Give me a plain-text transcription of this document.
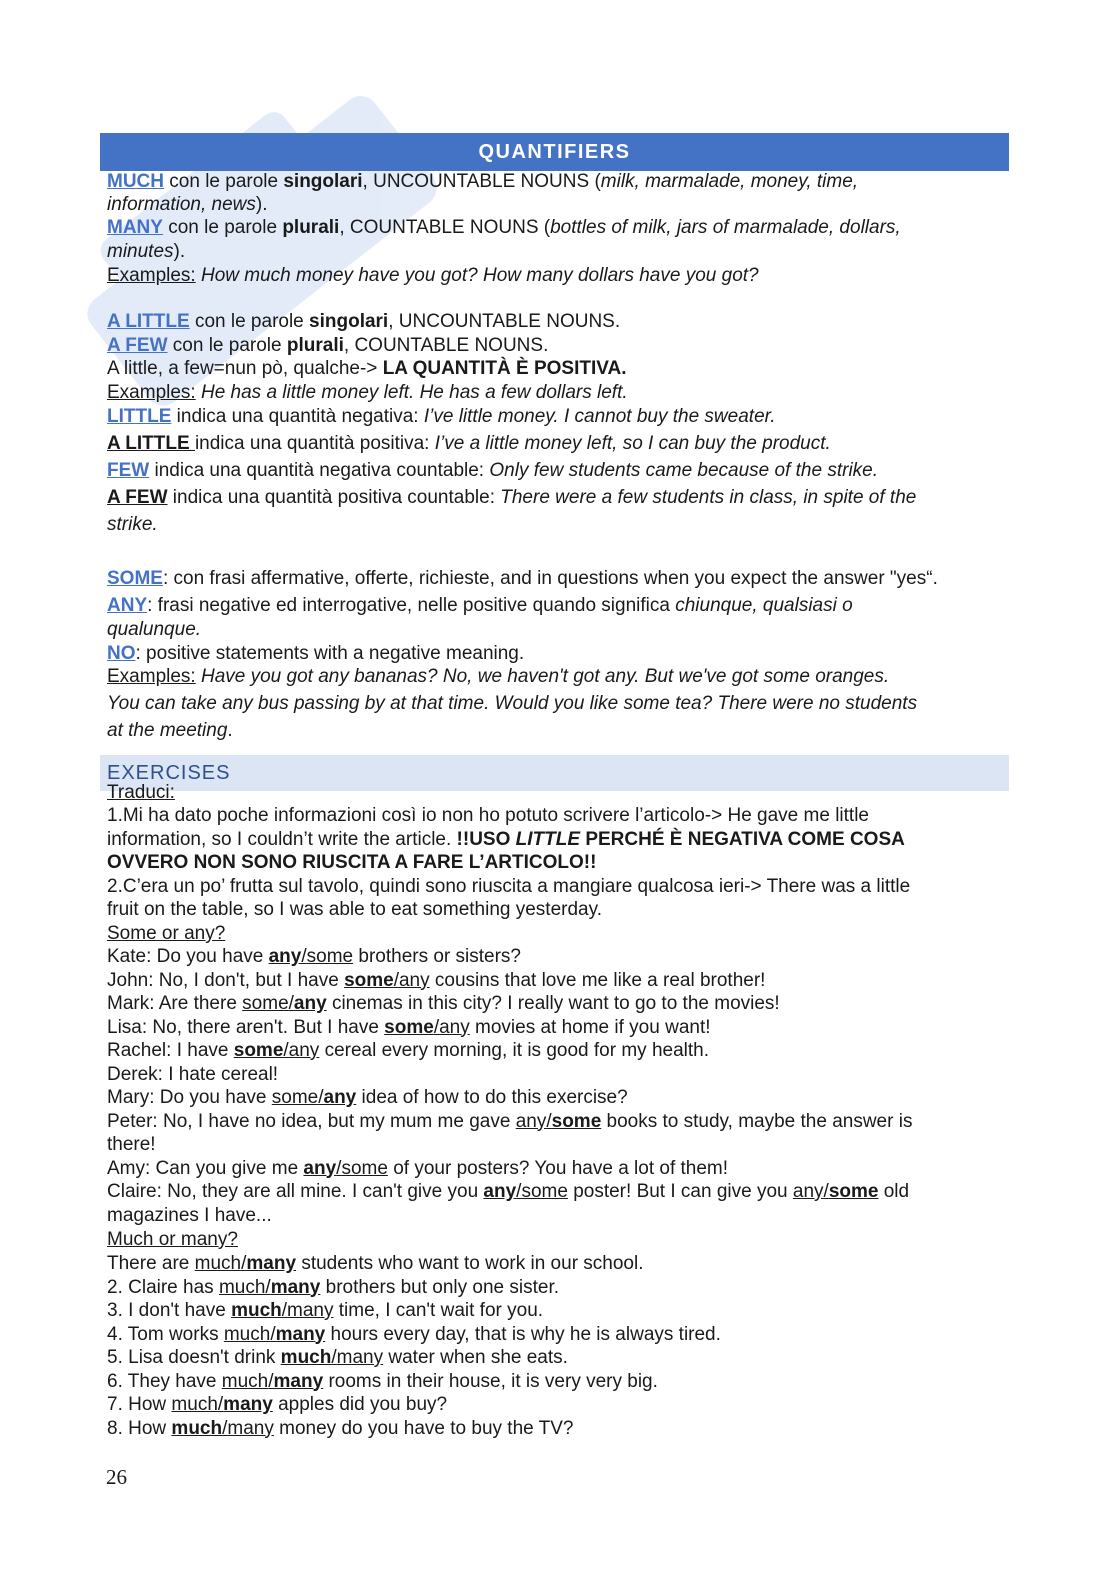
QUANTIFIERS
MUCH con le parole singolari, UNCOUNTABLE NOUNS (milk, marmalade, money, time,
information, news).
MANY con le parole plurali, COUNTABLE NOUNS (bottles of milk, jars of marmalade, dollars,
minutes).
Examples: How much money have you got? How many dollars have you got?
A LITTLE con le parole singolari, UNCOUNTABLE NOUNS.
A FEW con le parole plurali, COUNTABLE NOUNS.
A little, a few=nun pò, qualche-> LA QUANTITÀ È POSITIVA.
Examples: He has a little money left. He has a few dollars left.
LITTLE indica una quantità negativa: I’ve little money. I cannot buy the sweater.
A LITTLE indica una quantità positiva: I’ve a little money left, so I can buy the product.
FEW indica una quantità negativa countable: Only few students came because of the strike.
A FEW indica una quantità positiva countable: There were a few students in class, in spite of the
strike.
SOME: con frasi affermative, offerte, richieste, and in questions when you expect the answer "yes“.
ANY: frasi negative ed interrogative, nelle positive quando significa chiunque, qualsiasi o
qualunque.
NO: positive statements with a negative meaning.
Examples: Have you got any bananas? No, we haven't got any. But we've got some oranges.
You can take any bus passing by at that time. Would you like some tea? There were no students
at the meeting.
EXERCISES
Traduci:
1.Mi ha dato poche informazioni così io non ho potuto scrivere l’articolo-> He gave me little
information, so I couldn’t write the article. !!USO LITTLE PERCHÉ È NEGATIVA COME COSA
OVVERO NON SONO RIUSCITA A FARE L’ARTICOLO!!
2.C’era un po’ frutta sul tavolo, quindi sono riuscita a mangiare qualcosa ieri-> There was a little
fruit on the table, so I was able to eat something yesterday.
Some or any?
Kate: Do you have any/some brothers or sisters?
John: No, I don't, but I have some/any cousins that love me like a real brother!
Mark: Are there some/any cinemas in this city? I really want to go to the movies!
Lisa: No, there aren't. But I have some/any movies at home if you want!
Rachel: I have some/any cereal every morning, it is good for my health.
Derek: I hate cereal!
Mary: Do you have some/any idea of how to do this exercise?
Peter: No, I have no idea, but my mum me gave any/some books to study, maybe the answer is
there!
Amy: Can you give me any/some of your posters? You have a lot of them!
Claire: No, they are all mine. I can't give you any/some poster! But I can give you any/some old
magazines I have...
Much or many?
There are much/many students who want to work in our school.
2. Claire has much/many brothers but only one sister.
3. I don't have much/many time, I can't wait for you.
4. Tom works much/many hours every day, that is why he is always tired.
5. Lisa doesn't drink much/many water when she eats.
6. They have much/many rooms in their house, it is very very big.
7. How much/many apples did you buy?
8. How much/many money do you have to buy the TV?
26
